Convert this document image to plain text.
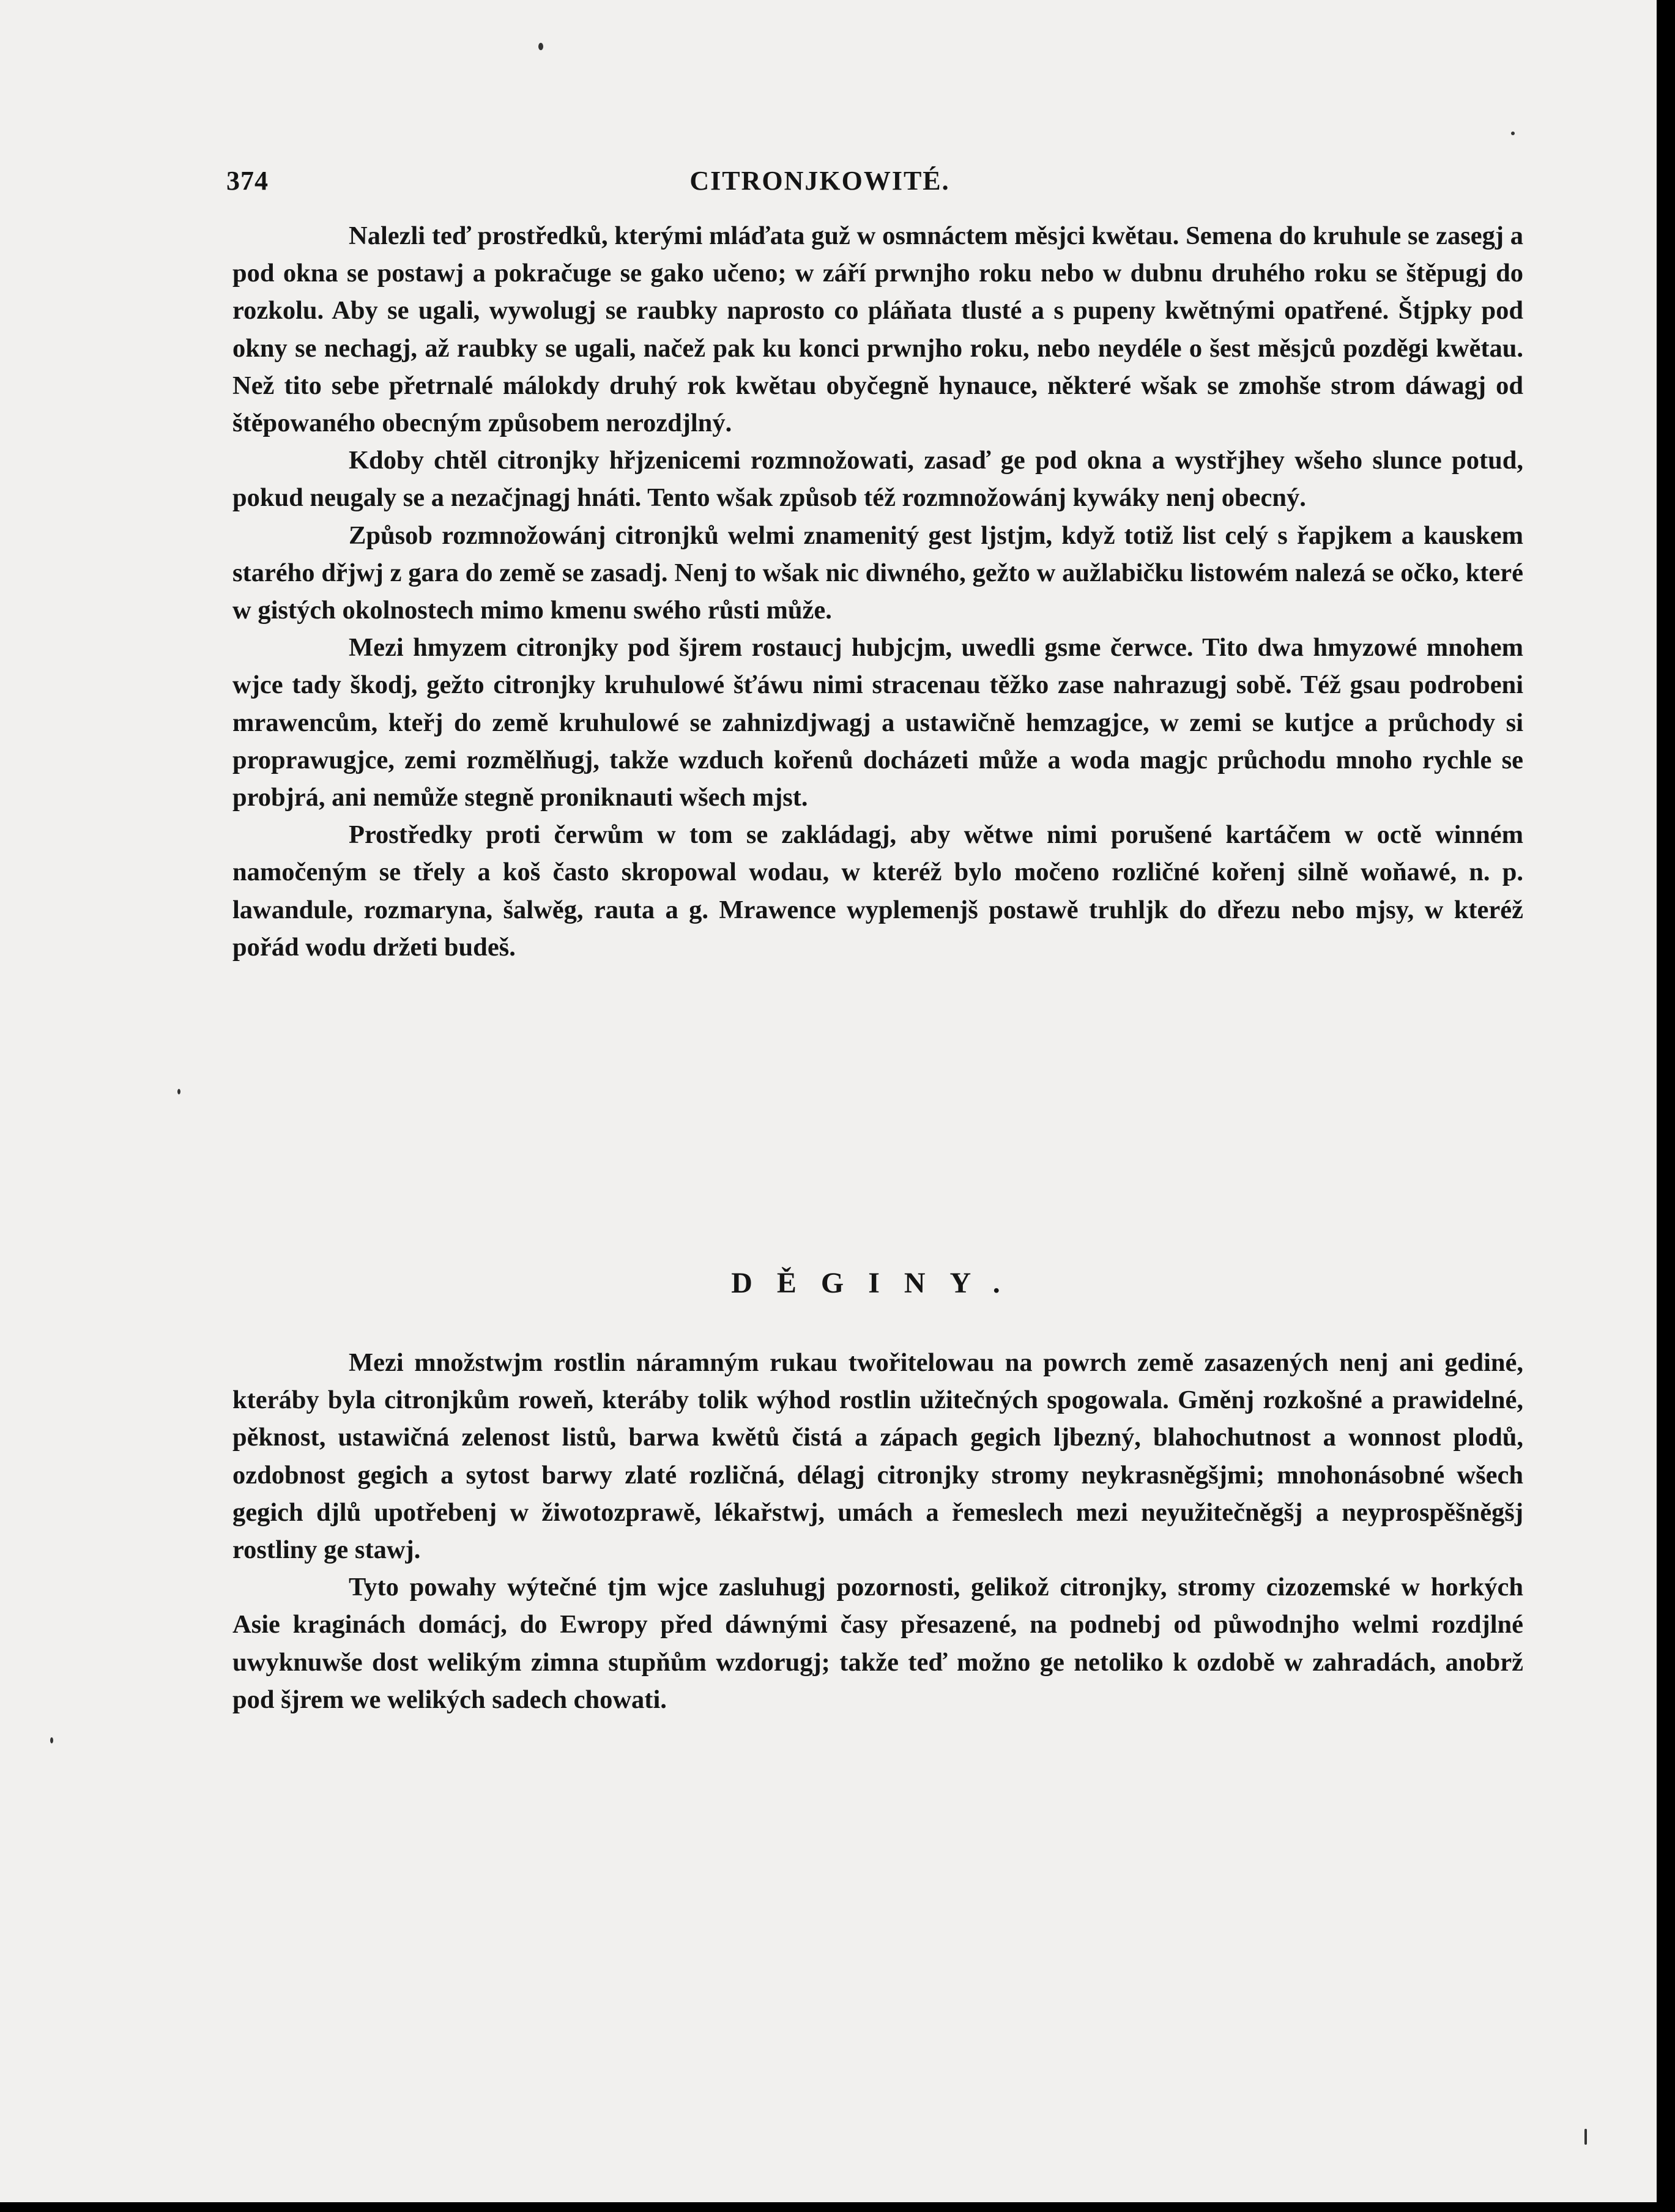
374	CITRONJKOWITÉ.

Nalezli teď prostředků, kterými mláďata guž w osmnáctem měsjci kwětau. Semena do kruhule se zasegj a pod okna se postawj a pokračuge se gako učeno; w září prwnjho roku nebo w dubnu druhého roku se štěpugj do rozkolu. Aby se ugali, wywolugj se raubky naprosto co pláňata tlusté a s pupeny kwětnými opatřené. Štjpky pod okny se nechagj, až raubky se ugali, načež pak ku konci prwnjho roku, nebo neydéle o šest měsjců pozděgi kwětau. Než tito sebe přetrnalé málokdy druhý rok kwětau obyčegně hynauce, některé wšak se zmohše strom dáwagj od štěpowaného obecným způsobem nerozdjlný.

Kdoby chtěl citronjky hřjzenicemi rozmnožowati, zasaď ge pod okna a wystřjhey wšeho slunce potud, pokud neugaly se a nezačjnagj hnáti. Tento wšak způsob též rozmnožowánj kywáky nenj obecný.

Způsob rozmnožowánj citronjků welmi znamenitý gest ljstjm, když totiž list celý s řapjkem a kauskem starého dřjwj z gara do země se zasadj. Nenj to wšak nic diwného, gežto w aužlabičku listowém nalezá se očko, které w gistých okolnostech mimo kmenu swého růsti může.

Mezi hmyzem citronjky pod šjrem rostaucj hubjcjm, uwedli gsme čerwce. Tito dwa hmyzowé mnohem wjce tady škodj, gežto citronjky kruhulowé šťáwu nimi stracenau těžko zase nahrazugj sobě. Též gsau podrobeni mrawencům, kteřj do země kruhulowé se zahnizdjwagj a ustawičně hemzagjce, w zemi se kutjce a průchody si proprawugjce, zemi rozmělňugj, takže wzduch kořenů docházeti může a woda magjc průchodu mnoho rychle se probjrá, ani nemůže stegně proniknauti wšech mjst.

Prostředky proti čerwům w tom se zakládagj, aby wětwe nimi porušené kartáčem w octě winném namočeným se třely a koš často skropowal wodau, w kteréž bylo močeno rozličné kořenj silně woňawé, n. p. lawandule, rozmaryna, šalwěg, rauta a g. Mrawence wyplemenjš postawě truhljk do dřezu nebo mjsy, w kteréž pořád wodu držeti budeš.

DĚGINY.

Mezi množstwjm rostlin náramným rukau twořitelowau na powrch země zasazených nenj ani gediné, kteráby byla citronjkům roweň, kteráby tolik wýhod rostlin užitečných spogowala. Gměnj rozkošné a prawidelné, pěknost, ustawičná zelenost listů, barwa kwětů čistá a zápach gegich ljbezný, blahochutnost a wonnost plodů, ozdobnost gegich a sytost barwy zlaté rozličná, délagj citronjky stromy neykrasněgšjmi; mnohonásobné wšech gegich djlů upotřebenj w žiwotozprawě, lékařstwj, umách a řemeslech mezi neyužitečněgšj a neyprospěšněgšj rostliny ge stawj.

Tyto powahy wýtečné tjm wjce zasluhugj pozornosti, gelikož citronjky, stromy cizozemské w horkých Asie kraginách domácj, do Ewropy před dáwnými časy přesazené, na podnebj od půwodnjho welmi rozdjlné uwyknuwše dost welikým zimna stupňům wzdorugj; takže teď možno ge netoliko k ozdobě w zahradách, anobrž pod šjrem we welikých sadech chowati.
